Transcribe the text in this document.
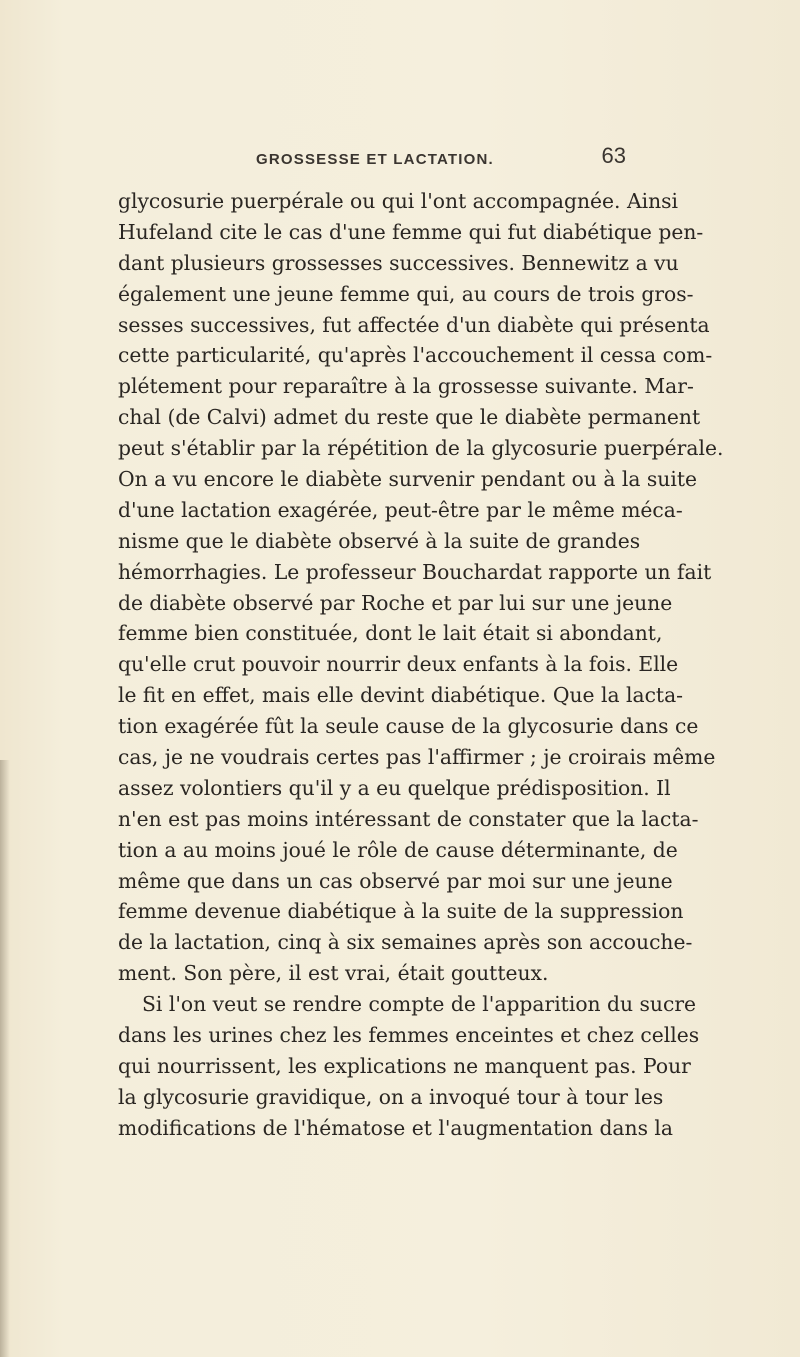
GROSSESSE ET LACTATION.	63
glycosurie puerpérale ou qui l'ont accompagnée. Ainsi
Hufeland cite le cas d'une femme qui fut diabétique pen-
dant plusieurs grossesses successives. Bennewitz a vu
également une jeune femme qui, au cours de trois gros-
sesses successives, fut affectée d'un diabète qui présenta
cette particularité, qu'après l'accouchement il cessa com-
plétement pour reparaître à la grossesse suivante. Mar-
chal (de Calvi) admet du reste que le diabète permanent
peut s'établir par la répétition de la glycosurie puerpérale.
On a vu encore le diabète survenir pendant ou à la suite
d'une lactation exagérée, peut-être par le même méca-
nisme que le diabète observé à la suite de grandes
hémorrhagies. Le professeur Bouchardat rapporte un fait
de diabète observé par Roche et par lui sur une jeune
femme bien constituée, dont le lait était si abondant,
qu'elle crut pouvoir nourrir deux enfants à la fois. Elle
le fit en effet, mais elle devint diabétique. Que la lacta-
tion exagérée fût la seule cause de la glycosurie dans ce
cas, je ne voudrais certes pas l'affirmer ; je croirais même
assez volontiers qu'il y a eu quelque prédisposition. Il
n'en est pas moins intéressant de constater que la lacta-
tion a au moins joué le rôle de cause déterminante, de
même que dans un cas observé par moi sur une jeune
femme devenue diabétique à la suite de la suppression
de la lactation, cinq à six semaines après son accouche-
ment. Son père, il est vrai, était goutteux.
Si l'on veut se rendre compte de l'apparition du sucre
dans les urines chez les femmes enceintes et chez celles
qui nourrissent, les explications ne manquent pas. Pour
la glycosurie gravidique, on a invoqué tour à tour les
modifications de l'hématose et l'augmentation dans la
